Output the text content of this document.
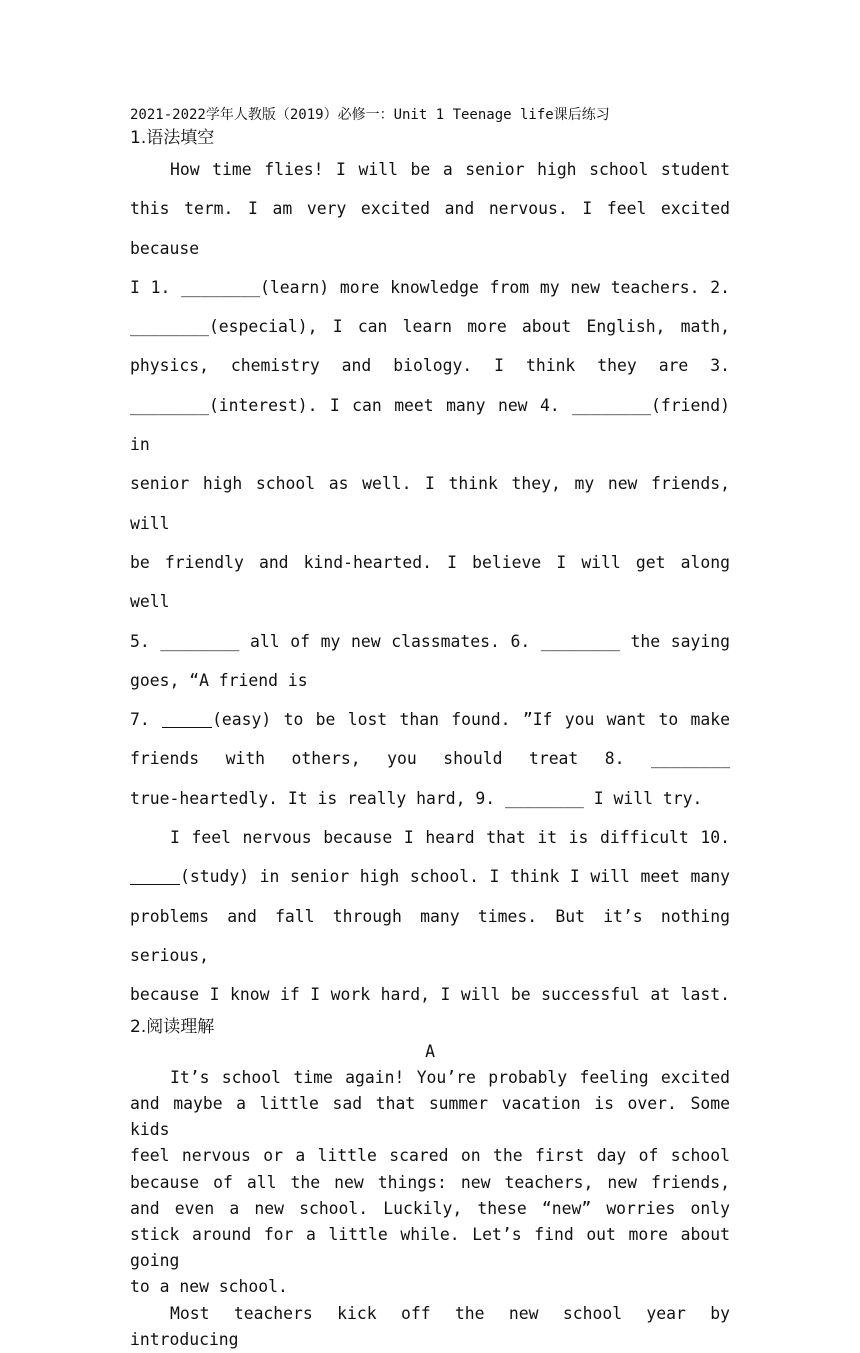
2021-2022学年人教版（2019）必修一：Unit 1 Teenage life课后练习
1.语法填空

How time flies! I will be a senior high school student

this term. I am very excited and nervous. I feel excited because

I 1. ________(learn) more knowledge from my new teachers. 2.

________(especial), I can learn more about English, math,

physics, chemistry and biology. I think they are 3.

________(interest). I can meet many new 4. ________(friend) in

senior high school as well. I think they, my new friends, will

be friendly and kind-hearted. I believe I will get along well

5. ________ all of my new classmates. 6. ________ the saying

goes, “A friend is

7.	(easy) to be lost than found. ”If you want to make

friends with others, you should treat 8. ________

true-heartedly. It is really hard, 9. ________ I will try.

I feel nervous because I heard that it is difficult 10.

(study) in senior high school. I think I will meet many

problems and fall through many times. But it’s nothing serious,

because I know if I work hard, I will be successful at last.

2.阅读理解

A

It’s school time again! You’re probably feeling excited

and maybe a little sad that summer vacation is over. Some kids

feel nervous or a little scared on the first day of school

because of all the new things: new teachers, new friends,

and even a new school. Luckily, these “new” worries only

stick around for a little while. Let’s find out more about going

to a new school.

Most teachers kick off the new school year by introducing
